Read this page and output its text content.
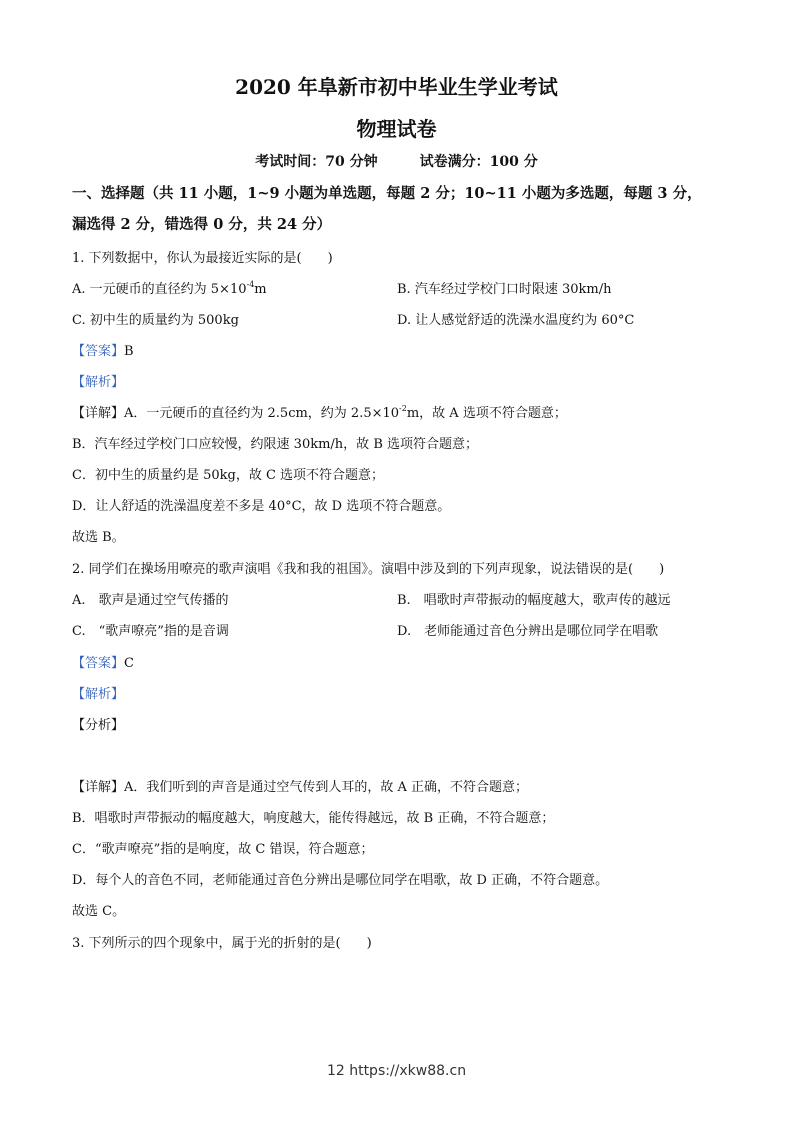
2020 年阜新市初中毕业生学业考试
物理试卷
考试时间：70 分钟	试卷满分：100 分
一、选择题（共 11 小题，1~9 小题为单选题，每题 2 分；10~11 小题为多选题，每题 3 分，
漏选得 2 分，错选得 0 分，共 24 分）
1. 下列数据中，你认为最接近实际的是(　　)
A. 一元硬币的直径约为 $5\times 10^{-4}m$	B. 汽车经过学校门口时限速 30km/h
C. 初中生的质量约为 500kg	D. 让人感觉舒适的洗澡水温度约为 60°C
【答案】B
【解析】
【详解】A．一元硬币的直径约为 2.5cm，约为 $2.5\times 10^{-2}m$，故 A 选项不符合题意；
B．汽车经过学校门口应较慢，约限速 30km/h，故 B 选项符合题意；
C．初中生的质量约是 50kg，故 C 选项不符合题意；
D．让人舒适的洗澡温度差不多是 40°C，故 D 选项不符合题意。
故选 B。
2. 同学们在操场用嘹亮的歌声演唱《我和我的祖国》。演唱中涉及到的下列声现象，说法错误的是(　　)
A.　歌声是通过空气传播的	B.　唱歌时声带振动的幅度越大，歌声传的越远
C.　“歌声嘹亮”指的是音调	D.　老师能通过音色分辨出是哪位同学在唱歌
【答案】C
【解析】
【分析】
【详解】A．我们听到的声音是通过空气传到人耳的，故 A 正确，不符合题意；
B．唱歌时声带振动的幅度越大，响度越大，能传得越远，故 B 正确，不符合题意；
C．“歌声嘹亮”指的是响度，故 C 错误，符合题意；
D．每个人的音色不同，老师能通过音色分辨出是哪位同学在唱歌，故 D 正确，不符合题意。
故选 C。
3. 下列所示的四个现象中，属于光的折射的是(　　)
12 https://xkw88.cn
